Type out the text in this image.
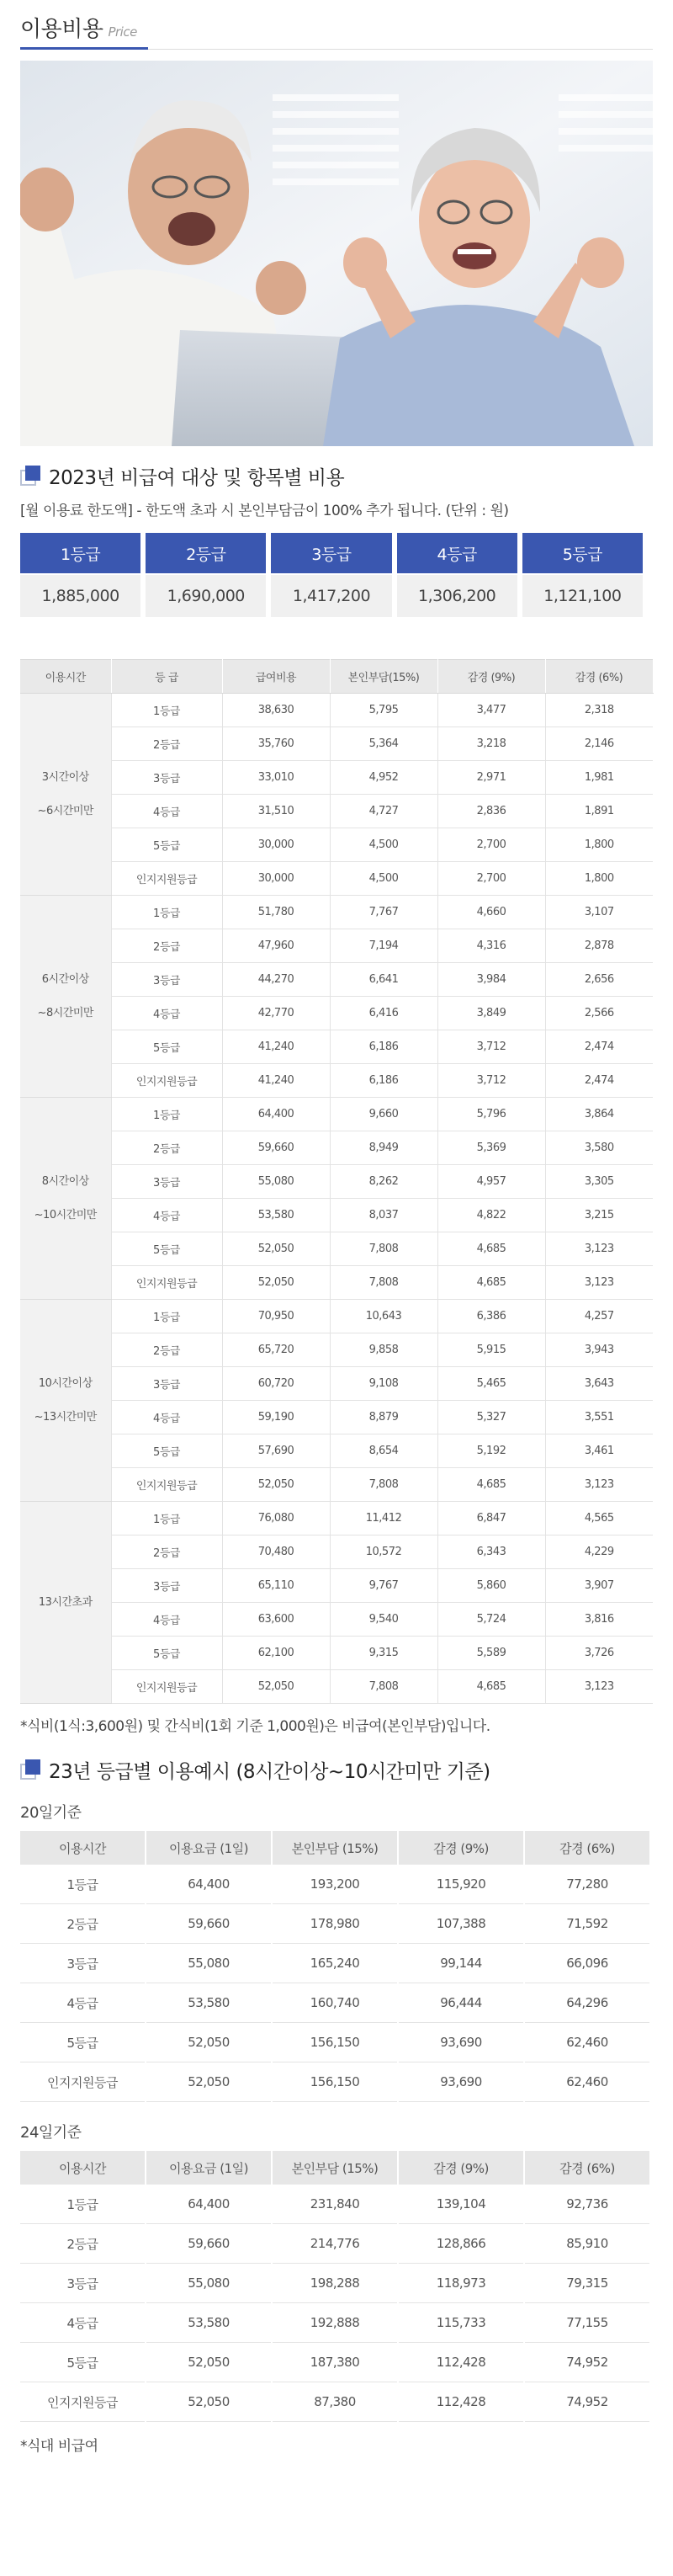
이용비용 Price
2023년 비급여 대상 및 항목별 비용

[월 이용료 한도액] - 한도액 초과 시 본인부담금이 100% 추가 됩니다. (단위 : 원)

1등급	2등급	3등급	4등급	5등급
1,885,000	1,690,000	1,417,200	1,306,200	1,121,100
이용시간	등 급	급여비용	본인부담(15%)	감경 (9%)	감경 (6%)

3시간이상
~6시간미만	1등급	38,630	5,795	3,477	2,318
	2등급	35,760	5,364	3,218	2,146
	3등급	33,010	4,952	2,971	1,981
	4등급	31,510	4,727	2,836	1,891
	5등급	30,000	4,500	2,700	1,800
	인지지원등급	30,000	4,500	2,700	1,800

6시간이상
~8시간미만	1등급	51,780	7,767	4,660	3,107
	2등급	47,960	7,194	4,316	2,878
	3등급	44,270	6,641	3,984	2,656
	4등급	42,770	6,416	3,849	2,566
	5등급	41,240	6,186	3,712	2,474
	인지지원등급	41,240	6,186	3,712	2,474

8시간이상
~10시간미만	1등급	64,400	9,660	5,796	3,864
	2등급	59,660	8,949	5,369	3,580
	3등급	55,080	8,262	4,957	3,305
	4등급	53,580	8,037	4,822	3,215
	5등급	52,050	7,808	4,685	3,123
	인지지원등급	52,050	7,808	4,685	3,123

10시간이상
~13시간미만	1등급	70,950	10,643	6,386	4,257
	2등급	65,720	9,858	5,915	3,943
	3등급	60,720	9,108	5,465	3,643
	4등급	59,190	8,879	5,327	3,551
	5등급	57,690	8,654	5,192	3,461
	인지지원등급	52,050	7,808	4,685	3,123

13시간초과	1등급	76,080	11,412	6,847	4,565
	2등급	70,480	10,572	6,343	4,229
	3등급	65,110	9,767	5,860	3,907
	4등급	63,600	9,540	5,724	3,816
	5등급	62,100	9,315	5,589	3,726
	인지지원등급	52,050	7,808	4,685	3,123

*식비(1식:3,600원) 및 간식비(1회 기준 1,000원)은 비급여(본인부담)입니다.

23년 등급별 이용예시 (8시간이상~10시간미만 기준)

20일기준

이용시간	이용요금 (1일)	본인부담 (15%)	감경 (9%)	감경 (6%)
1등급	64,400	193,200	115,920	77,280
2등급	59,660	178,980	107,388	71,592
3등급	55,080	165,240	99,144	66,096
4등급	53,580	160,740	96,444	64,296
5등급	52,050	156,150	93,690	62,460
인지지원등급	52,050	156,150	93,690	62,460

24일기준

이용시간	이용요금 (1일)	본인부담 (15%)	감경 (9%)	감경 (6%)
1등급	64,400	231,840	139,104	92,736
2등급	59,660	214,776	128,866	85,910
3등급	55,080	198,288	118,973	79,315
4등급	53,580	192,888	115,733	77,155
5등급	52,050	187,380	112,428	74,952
인지지원등급	52,050	87,380	112,428	74,952

*식대 비급여
